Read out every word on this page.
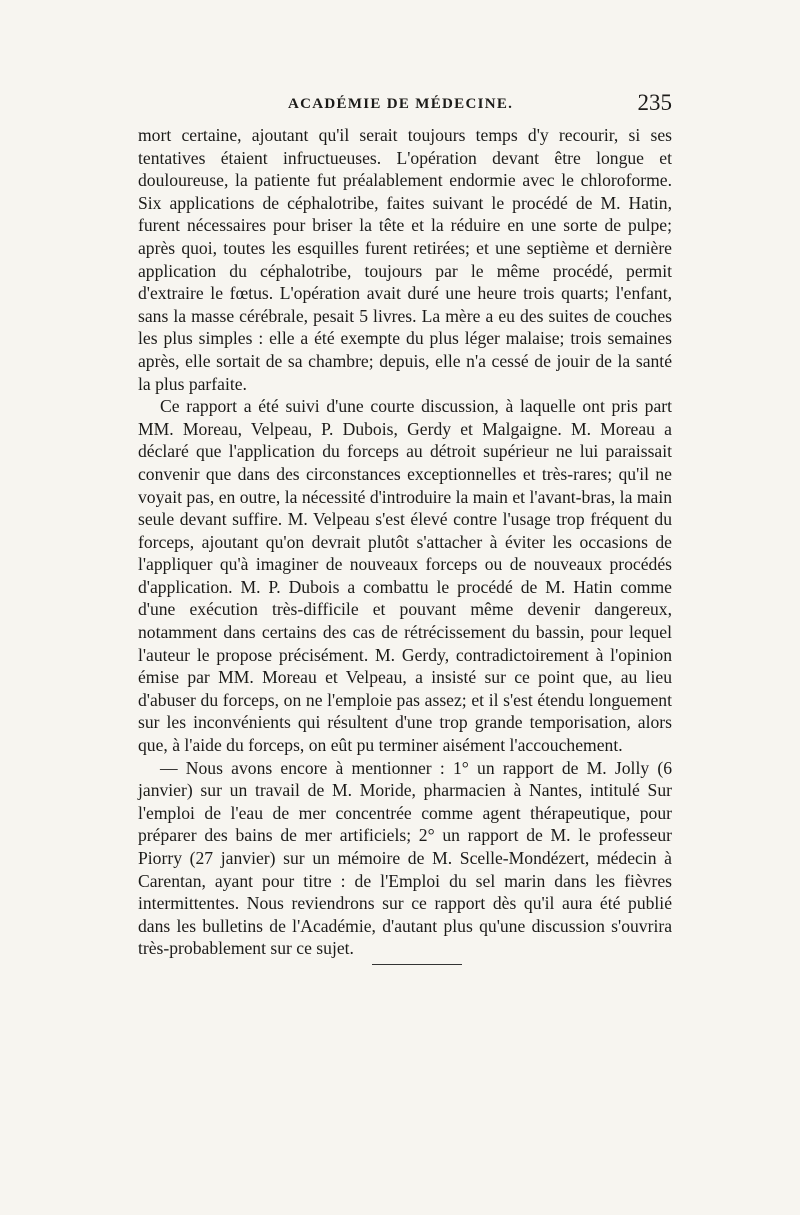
ACADÉMIE DE MÉDECINE.	235

mort certaine, ajoutant qu'il serait toujours temps d'y recourir, si ses tentatives étaient infructueuses. L'opération devant être longue et douloureuse, la patiente fut préalablement endormie avec le chloroforme. Six applications de céphalotribe, faites suivant le procédé de M. Hatin, furent nécessaires pour briser la tête et la réduire en une sorte de pulpe; après quoi, toutes les esquilles furent retirées; et une septième et dernière application du céphalotribe, toujours par le même procédé, permit d'extraire le fœtus. L'opération avait duré une heure trois quarts; l'enfant, sans la masse cérébrale, pesait 5 livres. La mère a eu des suites de couches les plus simples : elle a été exempte du plus léger malaise; trois semaines après, elle sortait de sa chambre; depuis, elle n'a cessé de jouir de la santé la plus parfaite.

Ce rapport a été suivi d'une courte discussion, à laquelle ont pris part MM. Moreau, Velpeau, P. Dubois, Gerdy et Malgaigne. M. Moreau a déclaré que l'application du forceps au détroit supérieur ne lui paraissait convenir que dans des circonstances exceptionnelles et très-rares; qu'il ne voyait pas, en outre, la nécessité d'introduire la main et l'avant-bras, la main seule devant suffire. M. Velpeau s'est élevé contre l'usage trop fréquent du forceps, ajoutant qu'on devrait plutôt s'attacher à éviter les occasions de l'appliquer qu'à imaginer de nouveaux forceps ou de nouveaux procédés d'application. M. P. Dubois a combattu le procédé de M. Hatin comme d'une exécution très-difficile et pouvant même devenir dangereux, notamment dans certains des cas de rétrécissement du bassin, pour lequel l'auteur le propose précisément. M. Gerdy, contradictoirement à l'opinion émise par MM. Moreau et Velpeau, a insisté sur ce point que, au lieu d'abuser du forceps, on ne l'emploie pas assez; et il s'est étendu longuement sur les inconvénients qui résultent d'une trop grande temporisation, alors que, à l'aide du forceps, on eût pu terminer aisément l'accouchement.

— Nous avons encore à mentionner : 1° un rapport de M. Jolly (6 janvier) sur un travail de M. Moride, pharmacien à Nantes, intitulé Sur l'emploi de l'eau de mer concentrée comme agent thérapeutique, pour préparer des bains de mer artificiels; 2° un rapport de M. le professeur Piorry (27 janvier) sur un mémoire de M. Scelle-Mondézert, médecin à Carentan, ayant pour titre : de l'Emploi du sel marin dans les fièvres intermittentes. Nous reviendrons sur ce rapport dès qu'il aura été publié dans les bulletins de l'Académie, d'autant plus qu'une discussion s'ouvrira très-probablement sur ce sujet.
